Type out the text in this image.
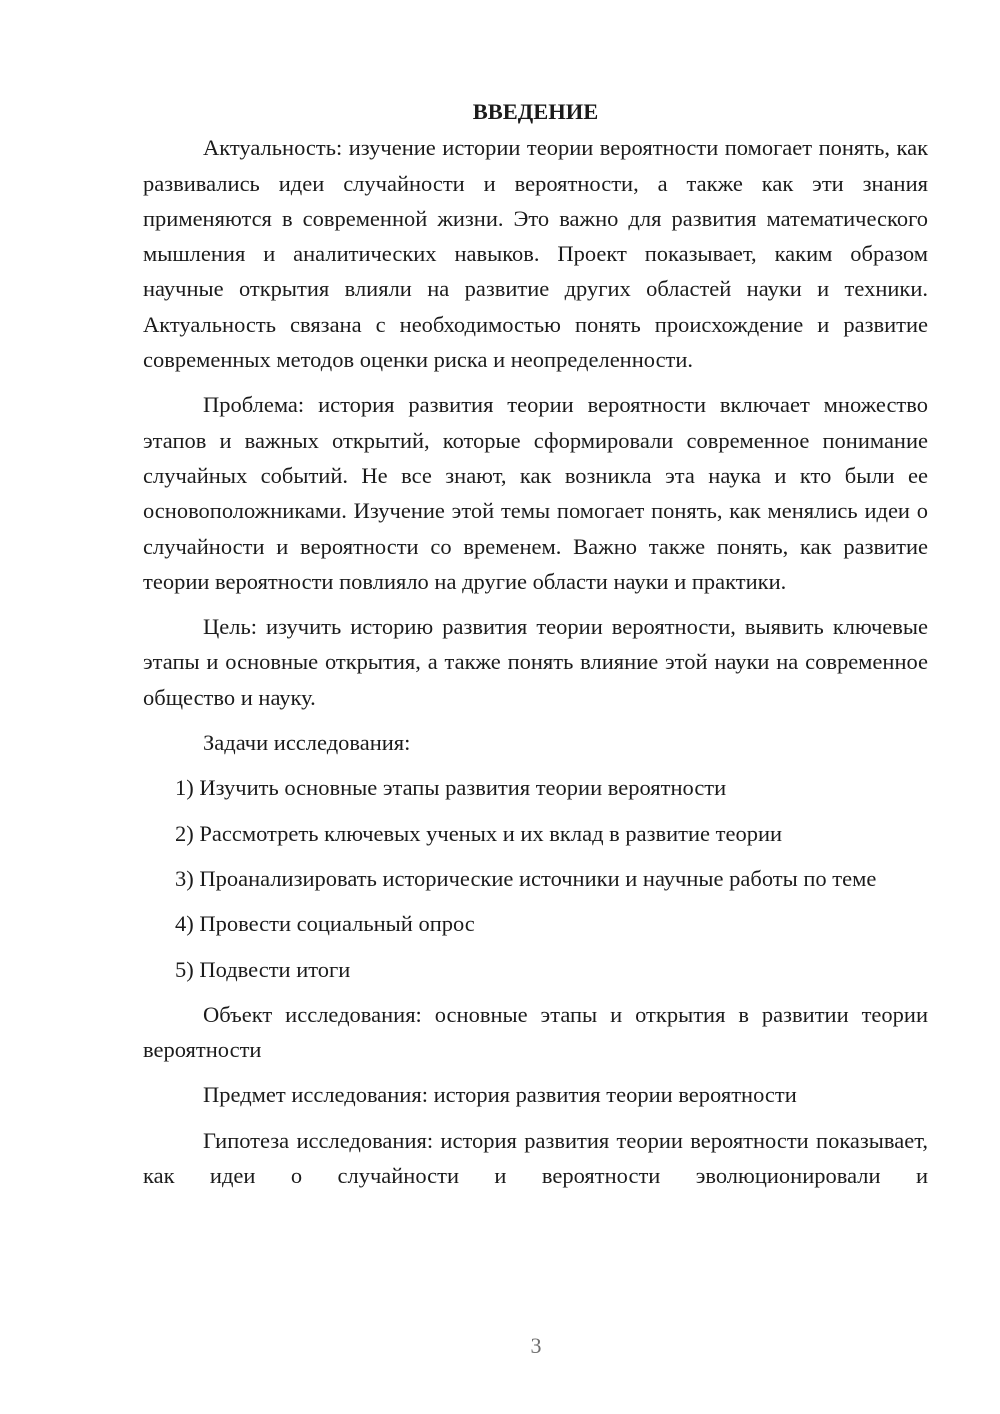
ВВЕДЕНИЕ

Актуальность: изучение истории теории вероятности помогает понять, как развивались идеи случайности и вероятности, а также как эти знания применяются в современной жизни. Это важно для развития математического мышления и аналитических навыков. Проект показывает, каким образом научные открытия влияли на развитие других областей науки и техники. Актуальность связана с необходимостью понять происхождение и развитие современных методов оценки риска и неопределенности.

Проблема: история развития теории вероятности включает множество этапов и важных открытий, которые сформировали современное понимание случайных событий. Не все знают, как возникла эта наука и кто были ее основоположниками. Изучение этой темы помогает понять, как менялись идеи о случайности и вероятности со временем. Важно также понять, как развитие теории вероятности повлияло на другие области науки и практики.

Цель: изучить историю развития теории вероятности, выявить ключевые этапы и основные открытия, а также понять влияние этой науки на современное общество и науку.

Задачи исследования:

1) Изучить основные этапы развития теории вероятности

2) Рассмотреть ключевых ученых и их вклад в развитие теории

3) Проанализировать исторические источники и научные работы по теме

4) Провести социальный опрос

5) Подвести итоги

Объект исследования: основные этапы и открытия в развитии теории вероятности

Предмет исследования: история развития теории вероятности

Гипотеза исследования: история развития теории вероятности показывает, как идеи о случайности и вероятности эволюционировали и

3
